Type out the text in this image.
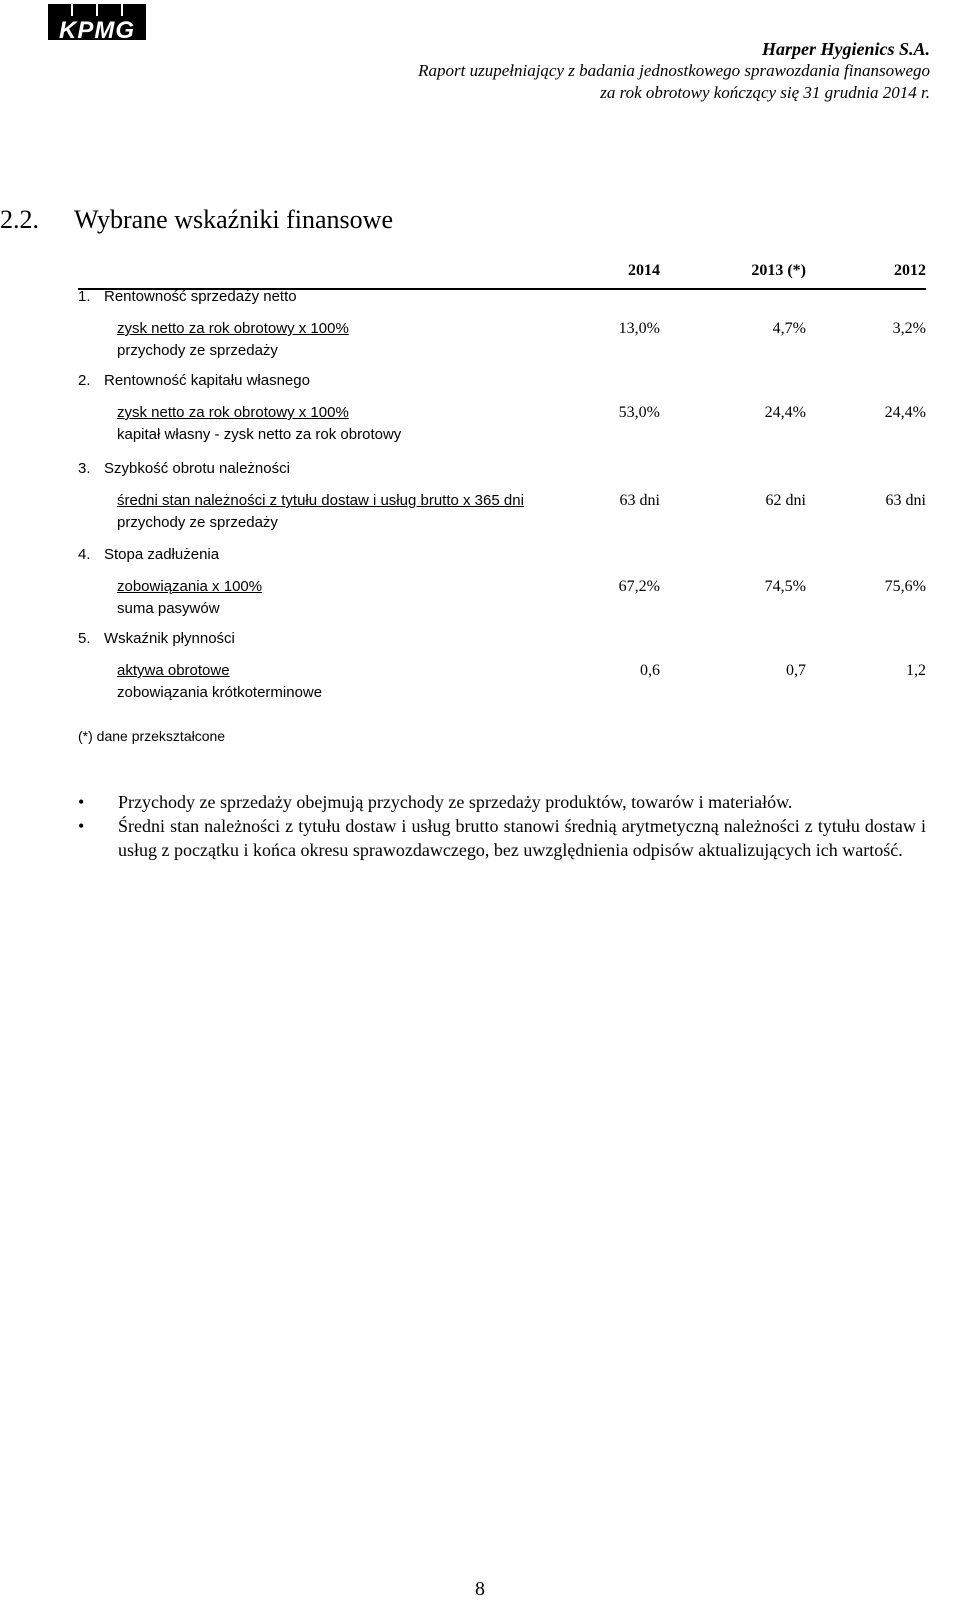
KPMG
Harper Hygienics S.A.
Raport uzupełniający z badania jednostkowego sprawozdania finansowego
za rok obrotowy kończący się 31 grudnia 2014 r.
2.2. Wybrane wskaźniki finansowe
2014	2013 (*)	2012
1. Rentowność sprzedaży netto
zysk netto za rok obrotowy x 100%
przychody ze sprzedaży
13,0%	4,7%	3,2%
2. Rentowność kapitału własnego
zysk netto za rok obrotowy x 100%
kapitał własny - zysk netto za rok obrotowy
53,0%	24,4%	24,4%
3. Szybkość obrotu należności
średni stan należności z tytułu dostaw i usług brutto x 365 dni
przychody ze sprzedaży
63 dni	62 dni	63 dni
4. Stopa zadłużenia
zobowiązania x 100%
suma pasywów
67,2%	74,5%	75,6%
5. Wskaźnik płynności
aktywa obrotowe
zobowiązania krótkoterminowe
0,6	0,7	1,2
(*) dane przekształcone
• Przychody ze sprzedaży obejmują przychody ze sprzedaży produktów, towarów i materiałów.
• Średni stan należności z tytułu dostaw i usług brutto stanowi średnią arytmetyczną należności z tytułu dostaw i usług z początku i końca okresu sprawozdawczego, bez uwzględnienia odpisów aktualizujących ich wartość.
8
